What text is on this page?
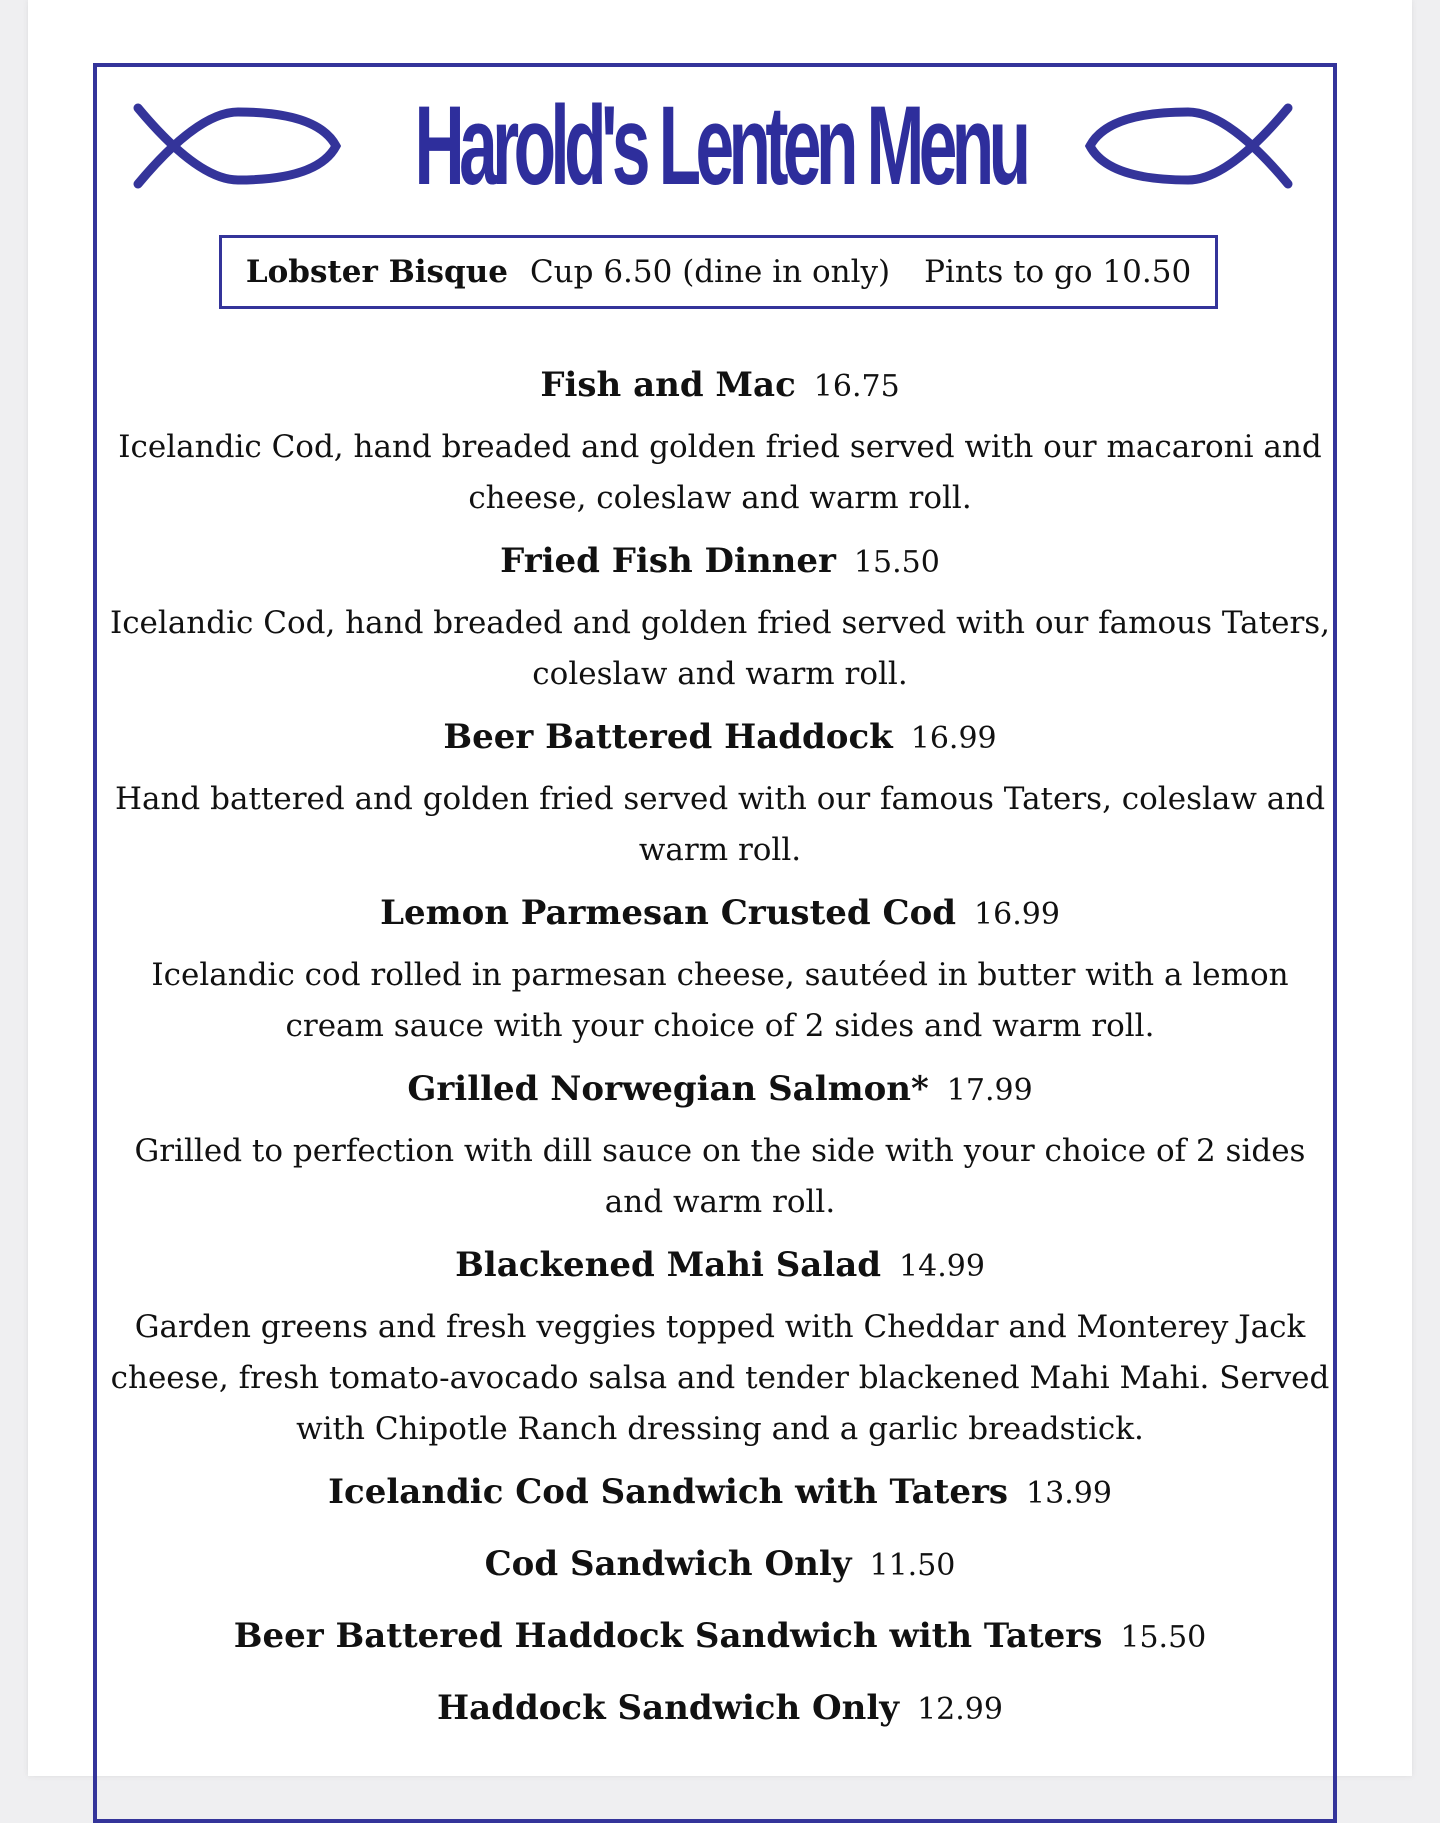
Harold's Lenten Menu
Lobster Bisque Cup 6.50 (dine in only) Pints to go 10.50
Fish and Mac 16.75
Icelandic Cod, hand breaded and golden fried served with our macaroni and cheese, coleslaw and warm roll.
Fried Fish Dinner 15.50
Icelandic Cod, hand breaded and golden fried served with our famous Taters, coleslaw and warm roll.
Beer Battered Haddock 16.99
Hand battered and golden fried served with our famous Taters, coleslaw and warm roll.
Lemon Parmesan Crusted Cod 16.99
Icelandic cod rolled in parmesan cheese, sautéed in butter with a lemon cream sauce with your choice of 2 sides and warm roll.
Grilled Norwegian Salmon* 17.99
Grilled to perfection with dill sauce on the side with your choice of 2 sides and warm roll.
Blackened Mahi Salad 14.99
Garden greens and fresh veggies topped with Cheddar and Monterey Jack cheese, fresh tomato-avocado salsa and tender blackened Mahi Mahi. Served with Chipotle Ranch dressing and a garlic breadstick.
Icelandic Cod Sandwich with Taters 13.99
Cod Sandwich Only 11.50
Beer Battered Haddock Sandwich with Taters 15.50
Haddock Sandwich Only 12.99
